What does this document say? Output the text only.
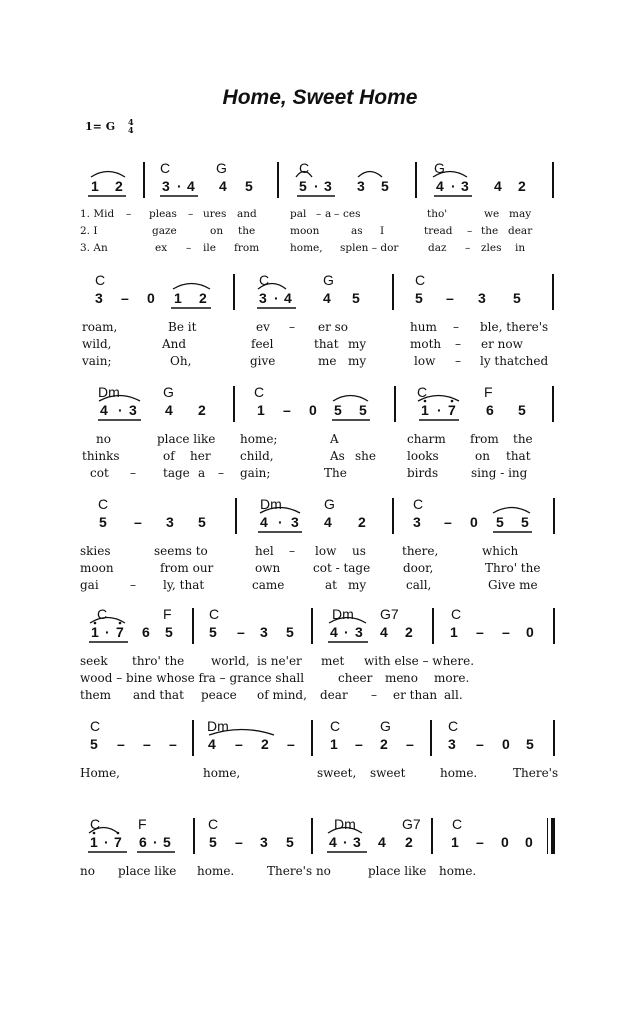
Home, Sweet Home
1= G 4
4
C	G	C	G
1 2	3 · 4 4 5	5 · 3 3 5	4 · 3 4 2
1. Mid – pleas – ures and	pal – a – ces	tho'	we may
2. I	gaze	on the	moon	as I	tread – the dear
3. An	ex – ile from	home, splen – dor	daz – zles in
C	C	G	C
3 – 0 1 2	3 · 4 4 5	5 – 3 5
roam,	Be it	ev – er so	hum – ble, there's
wild,	And	feel	that my	moth – er now
vain;	Oh,	give	me my	low – ly thatched
Dm	G	C	C	F
4 · 3 4 2	1 – 0 5 5	1 · 7 6 5
no	place like home;	A	charm from the
thinks	of her child,	As she	looks	on that
cot – tage a – gain;	The	birds	sing - ing
C	Dm	G	C
5 – 3 5	4 · 3 4 2	3 – 0 5 5
skies	seems to	hel – low us	there,	which
moon	from our	own	cot - tage	door,	Thro' the
gai	– ly, that	came	at my	call,	Give me
C	F	C	Dm G7	C
1 · 7 6 5	5 – 3 5	4 · 3 4 2	1 – – 0
seek thro' the world, is ne'er met with else – where.
wood – bine whose fra – grance shall	cheer me no more.
them and that peace of mind, dear – er than all.
C	Dm	C	G	C
5 – – – 4 – 2 –	1 – 2 – 3 – 0 5
Home,	home,	sweet, sweet	home.	There's
C	F	C	Dm	G7 C
1 · 7 6 · 5	5 – 3 5	4 · 3 4 2	1 – 0 0
no place like home.	There's no	place like home.
